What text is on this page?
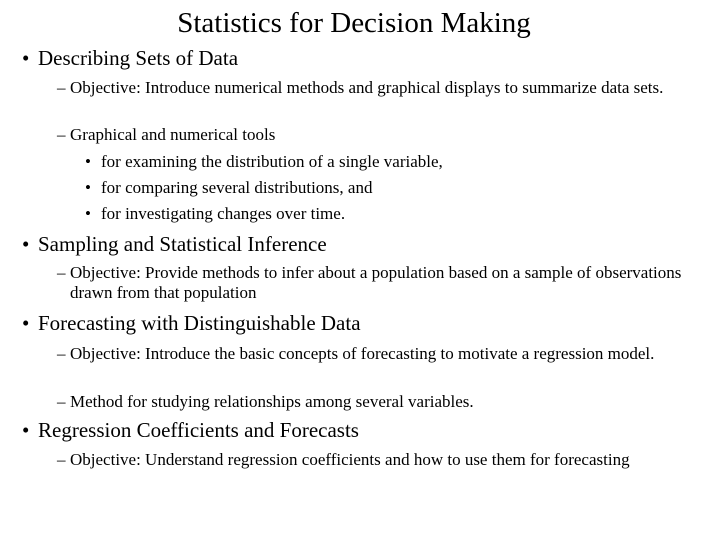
Statistics for Decision Making
• Describing Sets of Data
– Objective: Introduce numerical methods and graphical displays to summarize data sets.
– Graphical and numerical tools
• for examining the distribution of a single variable,
• for comparing several distributions, and
• for investigating changes over time.
• Sampling and Statistical Inference
– Objective: Provide methods to infer about a population based on a sample of observations drawn from that population
• Forecasting with Distinguishable Data
– Objective: Introduce the basic concepts of forecasting to motivate a regression model.
– Method for studying relationships among several variables.
• Regression Coefficients and Forecasts
– Objective: Understand regression coefficients and how to use them for forecasting
